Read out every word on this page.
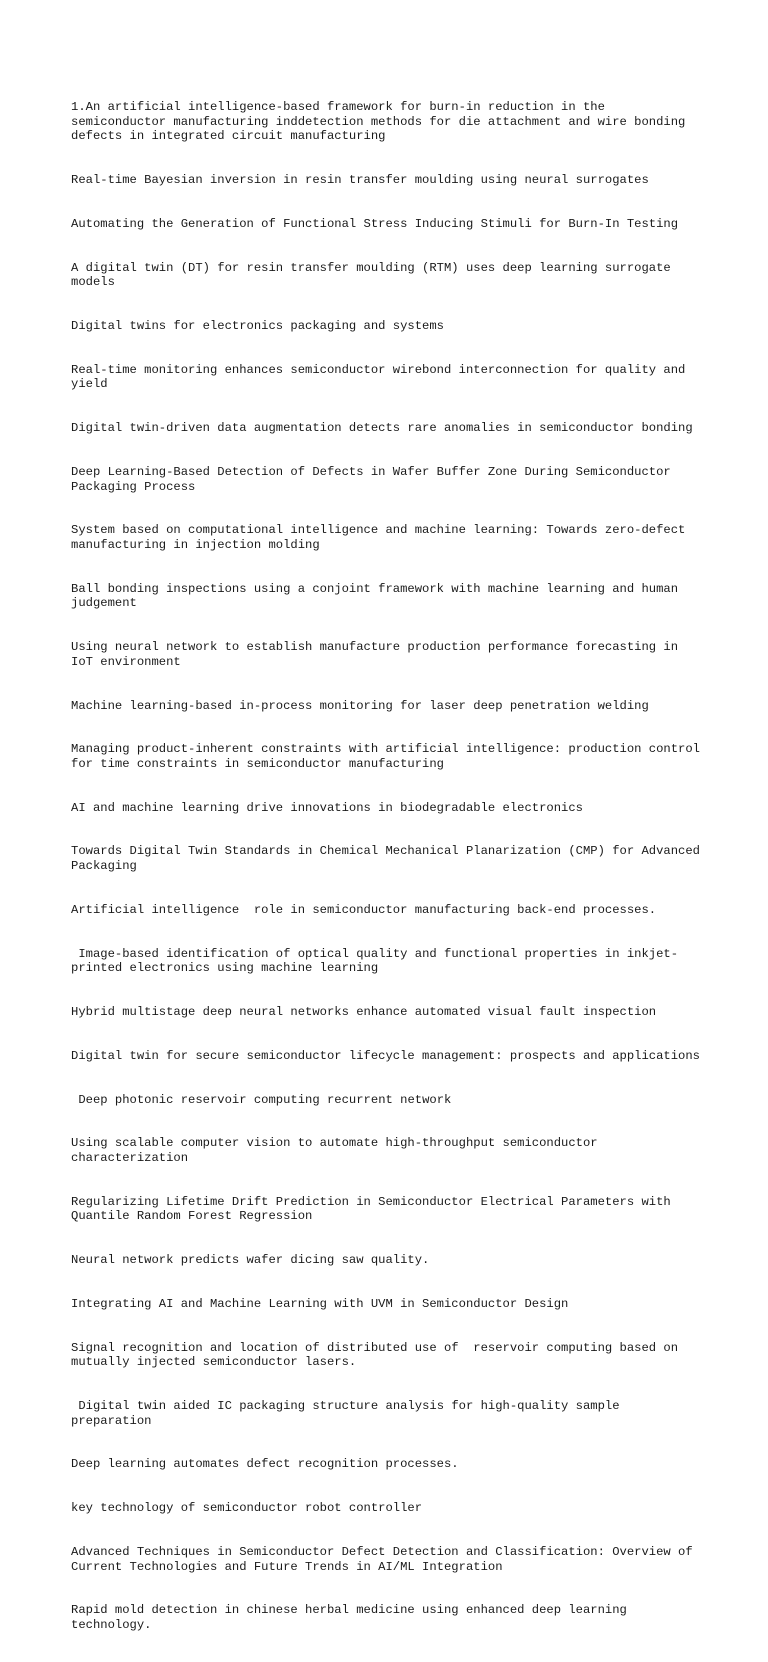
1.An artificial intelligence-based framework for burn-in reduction in the semiconductor manufacturing inddetection methods for die attachment and wire bonding defects in integrated circuit manufacturing

Real-time Bayesian inversion in resin transfer moulding using neural surrogates

Automating the Generation of Functional Stress Inducing Stimuli for Burn-In Testing

A digital twin (DT) for resin transfer moulding (RTM) uses deep learning surrogate models

Digital twins for electronics packaging and systems

Real-time monitoring enhances semiconductor wirebond interconnection for quality and yield

Digital twin-driven data augmentation detects rare anomalies in semiconductor bonding

Deep Learning-Based Detection of Defects in Wafer Buffer Zone During Semiconductor Packaging Process

System based on computational intelligence and machine learning: Towards zero-defect manufacturing in injection molding

Ball bonding inspections using a conjoint framework with machine learning and human judgement

Using neural network to establish manufacture production performance forecasting in IoT environment

Machine learning-based in-process monitoring for laser deep penetration welding

Managing product-inherent constraints with artificial intelligence: production control for time constraints in semiconductor manufacturing

AI and machine learning drive innovations in biodegradable electronics

Towards Digital Twin Standards in Chemical Mechanical Planarization (CMP) for Advanced Packaging

Artificial intelligence  role in semiconductor manufacturing back-end processes.

Image-based identification of optical quality and functional properties in inkjet-printed electronics using machine learning

Hybrid multistage deep neural networks enhance automated visual fault inspection

Digital twin for secure semiconductor lifecycle management: prospects and applications

Deep photonic reservoir computing recurrent network

Using scalable computer vision to automate high-throughput semiconductor characterization

Regularizing Lifetime Drift Prediction in Semiconductor Electrical Parameters with Quantile Random Forest Regression

Neural network predicts wafer dicing saw quality.

Integrating AI and Machine Learning with UVM in Semiconductor Design

Signal recognition and location of distributed use of  reservoir computing based on mutually injected semiconductor lasers.

Digital twin aided IC packaging structure analysis for high-quality sample preparation

Deep learning automates defect recognition processes.

key technology of semiconductor robot controller

Advanced Techniques in Semiconductor Defect Detection and Classification: Overview of Current Technologies and Future Trends in AI/ML Integration

Rapid mold detection in chinese herbal medicine using enhanced deep learning technology.
